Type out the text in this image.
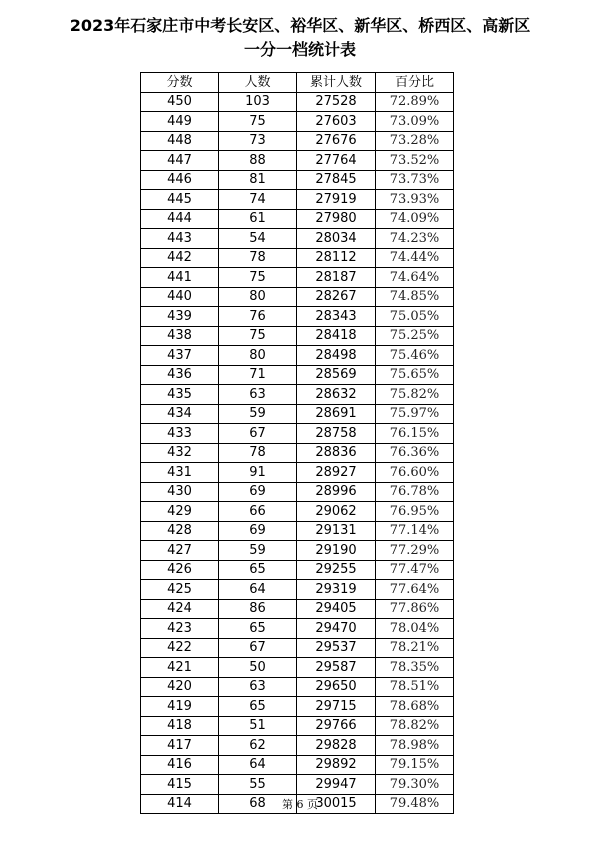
2023年石家庄市中考长安区、裕华区、新华区、桥西区、高新区
一分一档统计表
分数	人数	累计人数	百分比
450	103	27528	72.89%
449	75	27603	73.09%
448	73	27676	73.28%
447	88	27764	73.52%
446	81	27845	73.73%
445	74	27919	73.93%
444	61	27980	74.09%
443	54	28034	74.23%
442	78	28112	74.44%
441	75	28187	74.64%
440	80	28267	74.85%
439	76	28343	75.05%
438	75	28418	75.25%
437	80	28498	75.46%
436	71	28569	75.65%
435	63	28632	75.82%
434	59	28691	75.97%
433	67	28758	76.15%
432	78	28836	76.36%
431	91	28927	76.60%
430	69	28996	76.78%
429	66	29062	76.95%
428	69	29131	77.14%
427	59	29190	77.29%
426	65	29255	77.47%
425	64	29319	77.64%
424	86	29405	77.86%
423	65	29470	78.04%
422	67	29537	78.21%
421	50	29587	78.35%
420	63	29650	78.51%
419	65	29715	78.68%
418	51	29766	78.82%
417	62	29828	78.98%
416	64	29892	79.15%
415	55	29947	79.30%
414	68	30015	79.48%
第 6 页
